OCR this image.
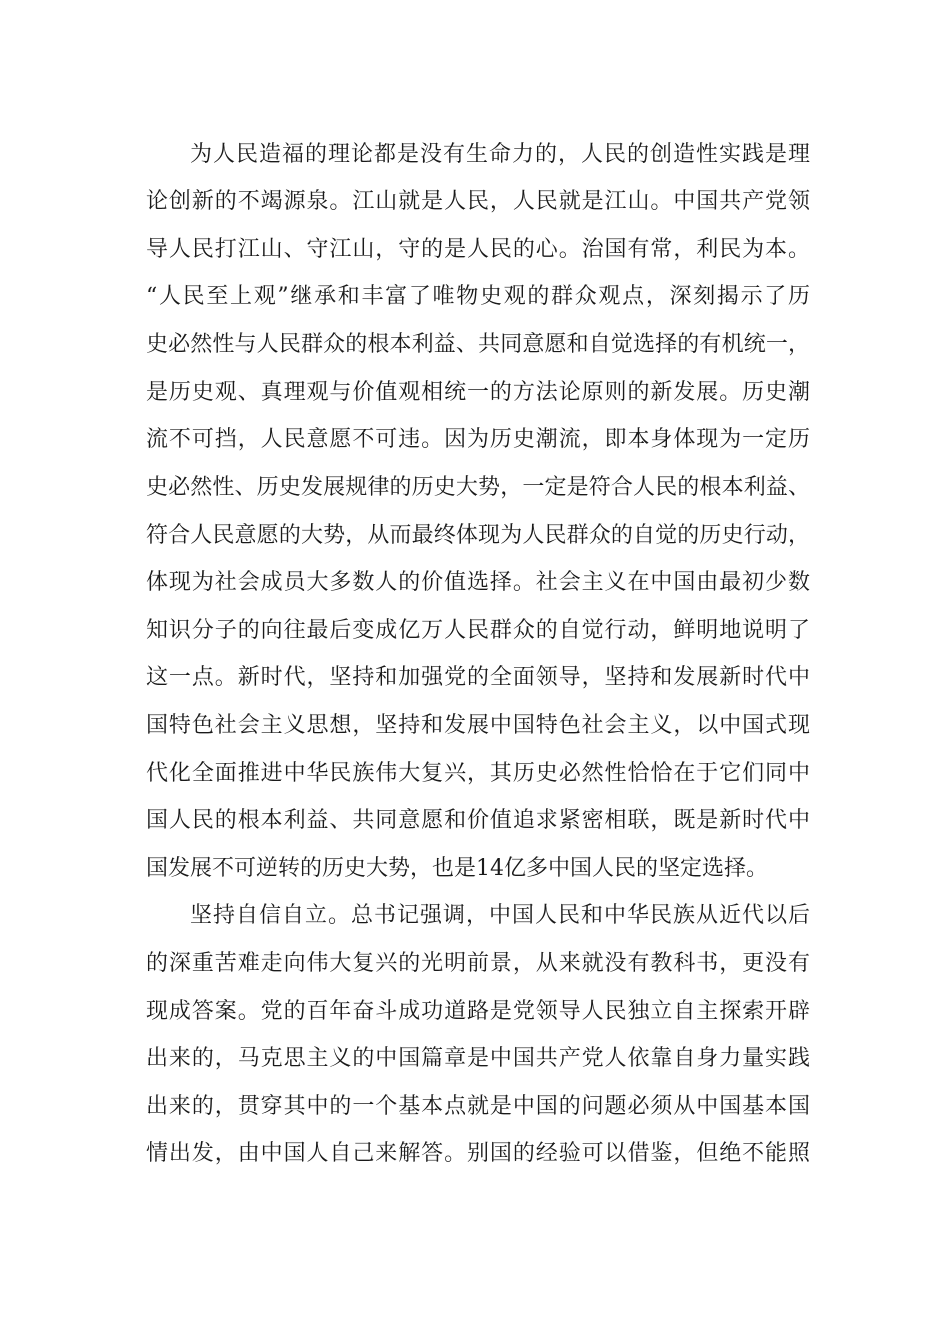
为人民造福的理论都是没有生命力的，人民的创造性实践是理
论创新的不竭源泉。江山就是人民，人民就是江山。中国共产党领
导人民打江山、守江山，守的是人民的心。治国有常，利民为本。
“人民至上观”继承和丰富了唯物史观的群众观点，深刻揭示了历
史必然性与人民群众的根本利益、共同意愿和自觉选择的有机统一，
是历史观、真理观与价值观相统一的方法论原则的新发展。历史潮
流不可挡，人民意愿不可违。因为历史潮流，即本身体现为一定历
史必然性、历史发展规律的历史大势，一定是符合人民的根本利益、
符合人民意愿的大势，从而最终体现为人民群众的自觉的历史行动，
体现为社会成员大多数人的价值选择。社会主义在中国由最初少数
知识分子的向往最后变成亿万人民群众的自觉行动，鲜明地说明了
这一点。新时代，坚持和加强党的全面领导，坚持和发展新时代中
国特色社会主义思想，坚持和发展中国特色社会主义，以中国式现
代化全面推进中华民族伟大复兴，其历史必然性恰恰在于它们同中
国人民的根本利益、共同意愿和价值追求紧密相联，既是新时代中
国发展不可逆转的历史大势，也是14亿多中国人民的坚定选择。
坚持自信自立。总书记强调，中国人民和中华民族从近代以后
的深重苦难走向伟大复兴的光明前景，从来就没有教科书，更没有
现成答案。党的百年奋斗成功道路是党领导人民独立自主探索开辟
出来的，马克思主义的中国篇章是中国共产党人依靠自身力量实践
出来的，贯穿其中的一个基本点就是中国的问题必须从中国基本国
情出发，由中国人自己来解答。别国的经验可以借鉴，但绝不能照
